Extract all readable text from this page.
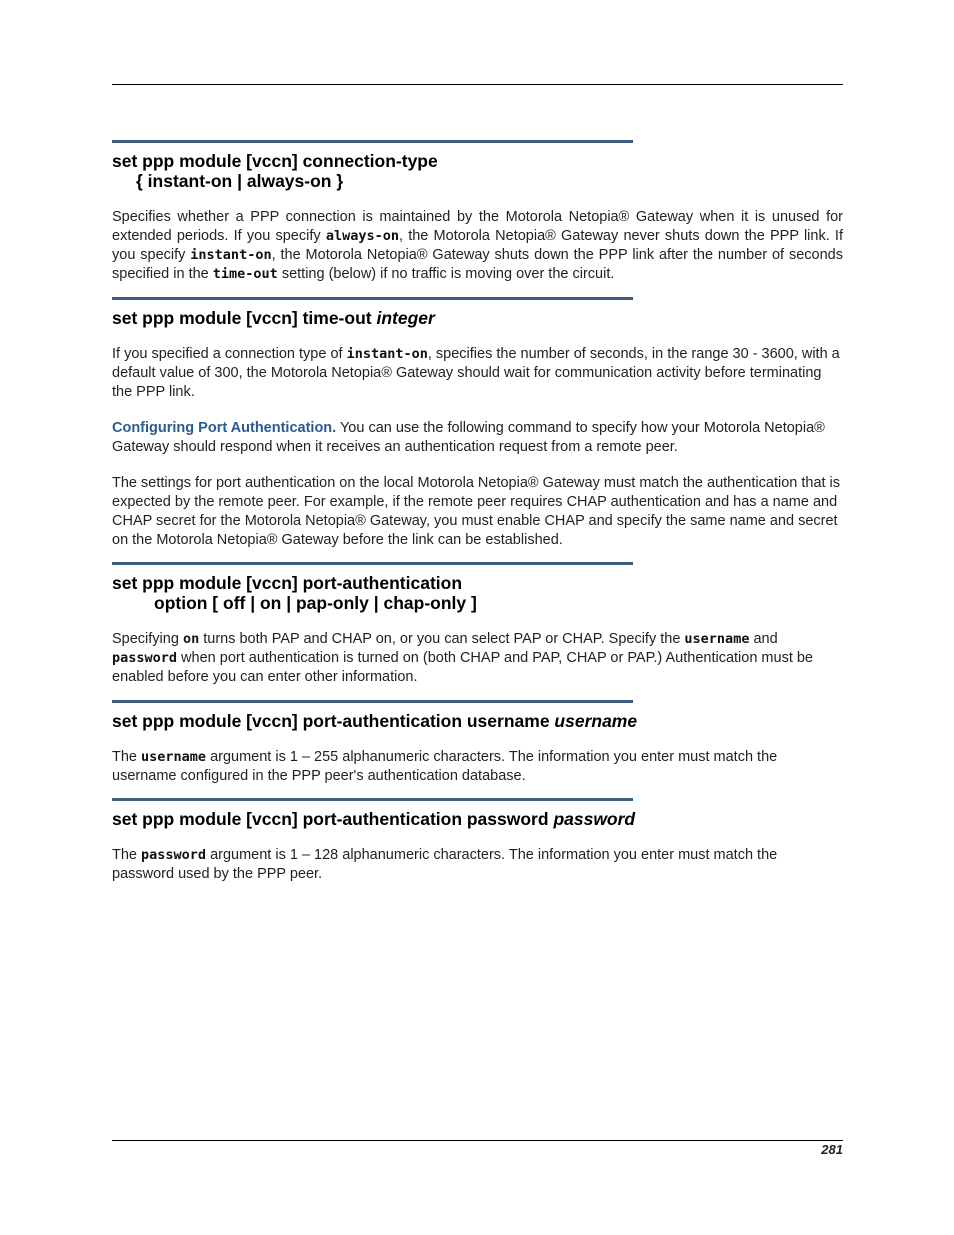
set ppp module [vccn] connection-type
{ instant-on | always-on }

Specifies whether a PPP connection is maintained by the Motorola Netopia® Gateway when it is unused for extended periods. If you specify always-on, the Motorola Netopia® Gateway never shuts down the PPP link. If you specify instant-on, the Motorola Netopia® Gateway shuts down the PPP link after the number of seconds specified in the time-out setting (below) if no traffic is moving over the circuit.

set ppp module [vccn] time-out integer

If you specified a connection type of instant-on, specifies the number of seconds, in the range 30 - 3600, with a default value of 300, the Motorola Netopia® Gateway should wait for communication activity before terminating the PPP link.

Configuring Port Authentication. You can use the following command to specify how your Motorola Netopia® Gateway should respond when it receives an authentication request from a remote peer.

The settings for port authentication on the local Motorola Netopia® Gateway must match the authentication that is expected by the remote peer. For example, if the remote peer requires CHAP authentication and has a name and CHAP secret for the Motorola Netopia® Gateway, you must enable CHAP and specify the same name and secret on the Motorola Netopia® Gateway before the link can be established.

set ppp module [vccn] port-authentication
option [ off | on | pap-only | chap-only ]

Specifying on turns both PAP and CHAP on, or you can select PAP or CHAP. Specify the username and password when port authentication is turned on (both CHAP and PAP, CHAP or PAP.) Authentication must be enabled before you can enter other information.

set ppp module [vccn] port-authentication username username

The username argument is 1 – 255 alphanumeric characters. The information you enter must match the username configured in the PPP peer's authentication database.

set ppp module [vccn] port-authentication password password

The password argument is 1 – 128 alphanumeric characters. The information you enter must match the password used by the PPP peer.

281
